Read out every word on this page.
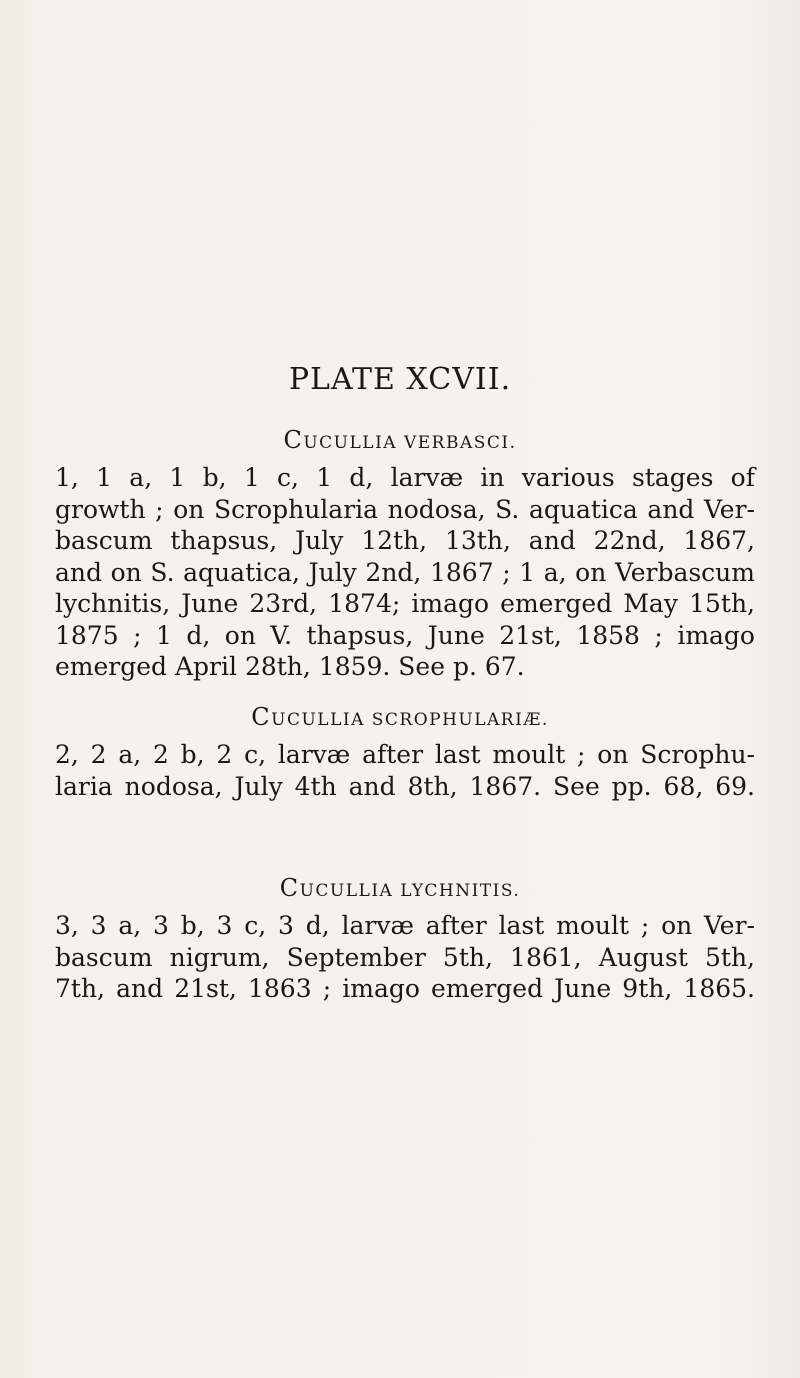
PLATE XCVII.
CUCULLIA VERBASCI.
1, 1 a, 1 b, 1 c, 1 d, larvæ in various stages of
growth ; on Scrophularia nodosa, S. aquatica and Ver-
bascum thapsus, July 12th, 13th, and 22nd, 1867,
and on S. aquatica, July 2nd, 1867 ; 1 a, on Verbascum
lychnitis, June 23rd, 1874; imago emerged May 15th,
1875 ; 1 d, on V. thapsus, June 21st, 1858 ; imago
emerged April 28th, 1859. See p. 67.
CUCULLIA SCROPHULARIÆ.
2, 2 a, 2 b, 2 c, larvæ after last moult ; on Scrophu-
laria nodosa, July 4th and 8th, 1867. See pp. 68, 69.
CUCULLIA LYCHNITIS.
3, 3 a, 3 b, 3 c, 3 d, larvæ after last moult ; on Ver-
bascum nigrum, September 5th, 1861, August 5th,
7th, and 21st, 1863 ; imago emerged June 9th, 1865.
